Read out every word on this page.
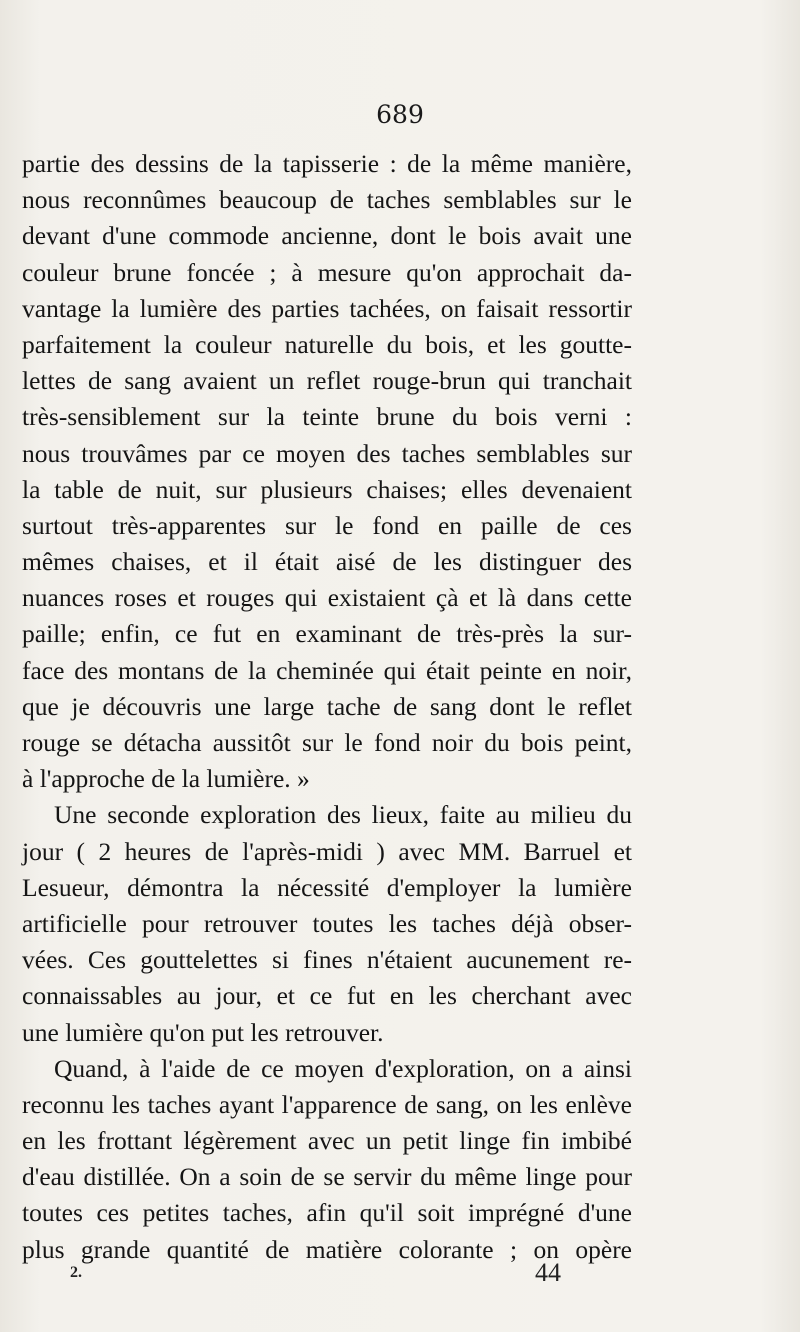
689
partie des dessins de la tapisserie : de la même manière,
nous reconnûmes beaucoup de taches semblables sur le
devant d'une commode ancienne, dont le bois avait une
couleur brune foncée ; à mesure qu'on approchait da-
vantage la lumière des parties tachées, on faisait ressortir
parfaitement la couleur naturelle du bois, et les goutte-
lettes de sang avaient un reflet rouge-brun qui tranchait
très-sensiblement sur la teinte brune du bois verni :
nous trouvâmes par ce moyen des taches semblables sur
la table de nuit, sur plusieurs chaises; elles devenaient
surtout très-apparentes sur le fond en paille de ces
mêmes chaises, et il était aisé de les distinguer des
nuances roses et rouges qui existaient çà et là dans cette
paille; enfin, ce fut en examinant de très-près la sur-
face des montans de la cheminée qui était peinte en noir,
que je découvris une large tache de sang dont le reflet
rouge se détacha aussitôt sur le fond noir du bois peint,
à l'approche de la lumière. »
Une seconde exploration des lieux, faite au milieu du
jour ( 2 heures de l'après-midi ) avec MM. Barruel et
Lesueur, démontra la nécessité d'employer la lumière
artificielle pour retrouver toutes les taches déjà obser-
vées. Ces gouttelettes si fines n'étaient aucunement re-
connaissables au jour, et ce fut en les cherchant avec
une lumière qu'on put les retrouver.
Quand, à l'aide de ce moyen d'exploration, on a ainsi
reconnu les taches ayant l'apparence de sang, on les enlève
en les frottant légèrement avec un petit linge fin imbibé
d'eau distillée. On a soin de se servir du même linge pour
toutes ces petites taches, afin qu'il soit imprégné d'une
plus grande quantité de matière colorante ; on opère
2.	44
